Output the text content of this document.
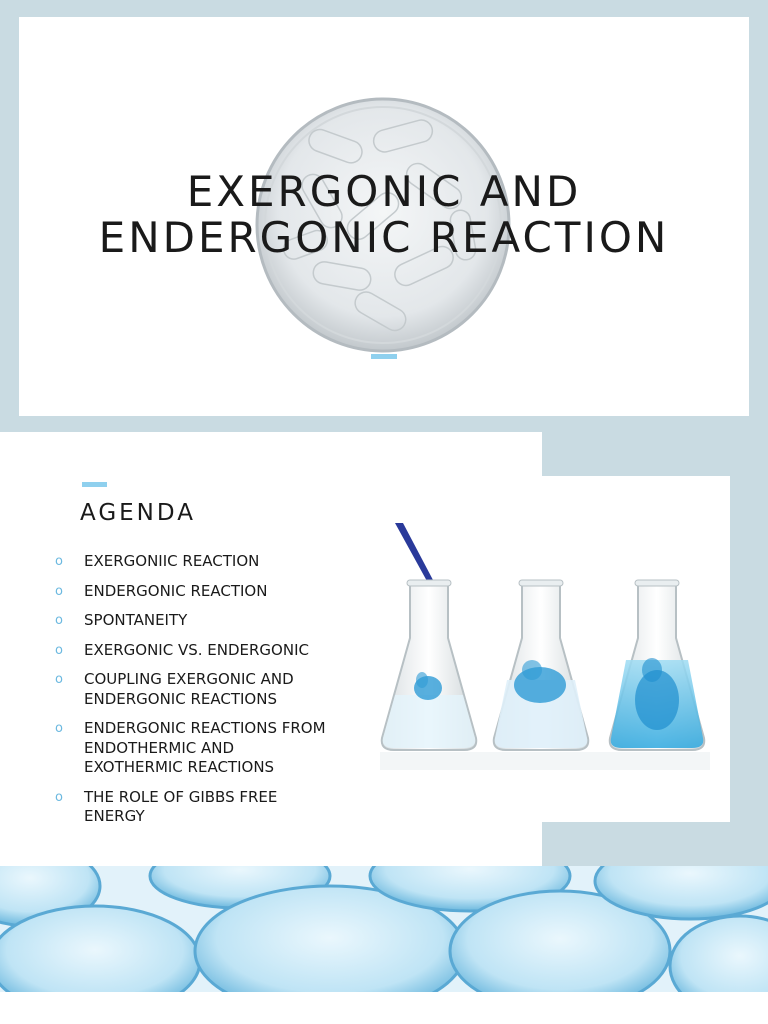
EXERGONIC AND
ENDERGONIC REACTION
AGENDA
o EXERGONIIC REACTION
o ENDERGONIC REACTION
o SPONTANEITY
o EXERGONIC VS. ENDERGONIC
o COUPLING EXERGONIC AND ENDERGONIC REACTIONS
o ENDERGONIC REACTIONS FROM ENDOTHERMIC AND EXOTHERMIC REACTIONS
o THE ROLE OF GIBBS FREE ENERGY
